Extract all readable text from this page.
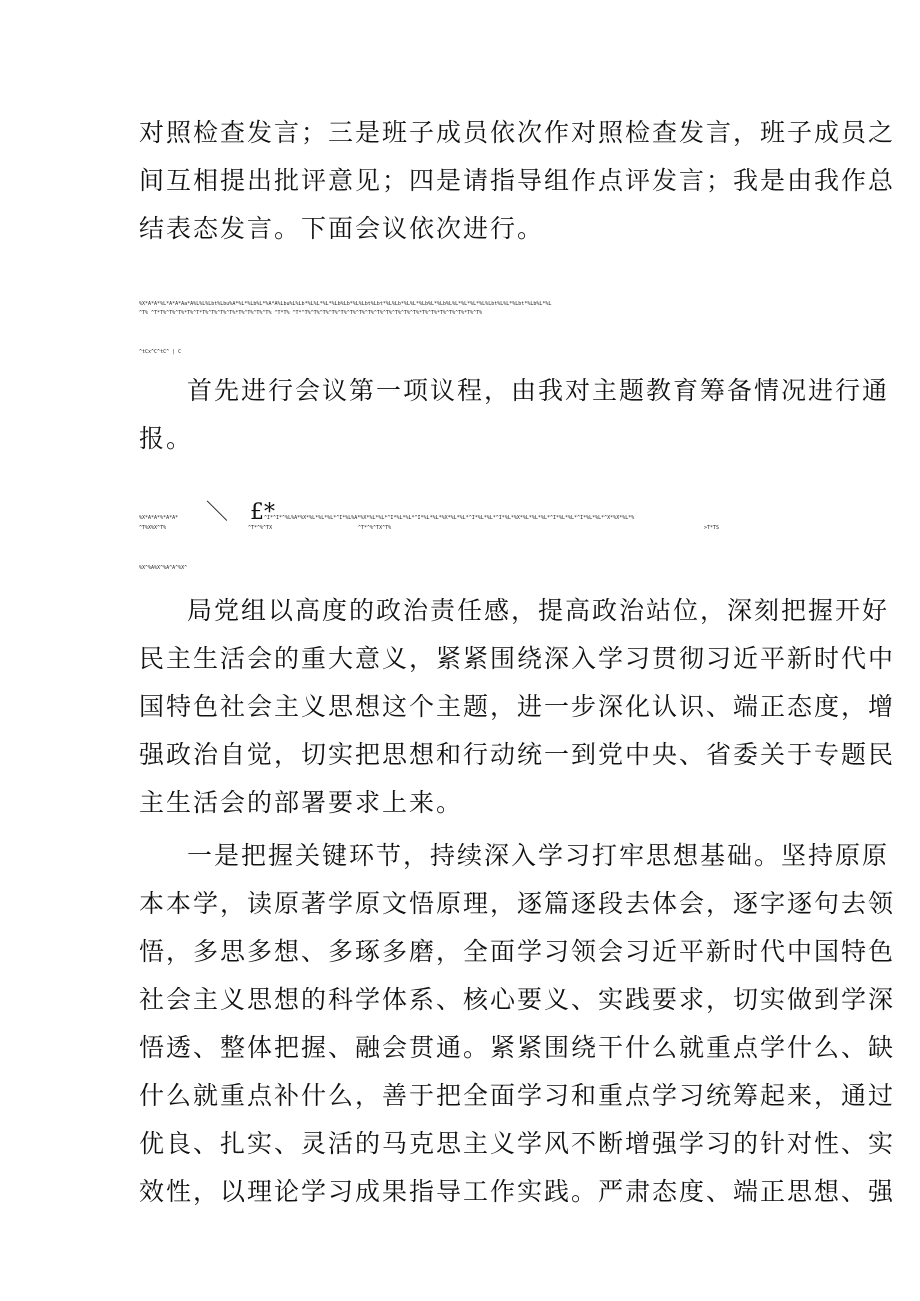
对照检查发言；三是班子成员依次作对照检查发言，班子成员之
间互相提出批评意见；四是请指导组作点评发言；我是由我作总
结表态发言。下面会议依次进行。
%X*A*A*%L*A*A*Aa*A%L%L%Lbt%Lbu%A*%L*%Lb%L*%A*A%Lbu%L%Lb*%L%L*%L*%Lb%Lb*%L%Lbt%Lbt*%L%Lb*%L%L*%Lb%L*%Lb%L%L*%L*%L*%L%Lbt%L%L*%Lbt*%Lb%L*%L
^T% ^T*T%^T%^T%*T%^T*T%^T%^T%^T%*T%^T%^T%^T% ^T*T% ^T*^T%^T%^T%^T%^T%^T%^T%^T%^T%^T%^T%^T%^T%*T%^T%*T%^T%^T%*T%^T%
^tCx^C^tC^ | C
首先进行会议第一项议程，由我对主题教育筹备情况进行通
报。
%X*A*A*%*A*A*	＼　£*
^I*^I*^%L%A*%X*%L*%L*%L*^I*%L%A*%X*%L*%L*^I*%L*%L*^I*%L*%L*%X*%L*%L*^I*%L*%L*^I*%L*%X*%L*%L*%L*^I*%L*%L*^I*%L*%L*^X*%X*%L*%
^T%X%X^T%	^T*^%^TX	^T*^%^TX^T%	>T*TS
%X^%A%X^%A^A^%X^
局党组以高度的政治责任感，提高政治站位，深刻把握开好
民主生活会的重大意义，紧紧围绕深入学习贯彻习近平新时代中
国特色社会主义思想这个主题，进一步深化认识、端正态度，增
强政治自觉，切实把思想和行动统一到党中央、省委关于专题民
主生活会的部署要求上来。
一是把握关键环节，持续深入学习打牢思想基础。坚持原原
本本学，读原著学原文悟原理，逐篇逐段去体会，逐字逐句去领
悟，多思多想、多琢多磨，全面学习领会习近平新时代中国特色
社会主义思想的科学体系、核心要义、实践要求，切实做到学深
悟透、整体把握、融会贯通。紧紧围绕干什么就重点学什么、缺
什么就重点补什么，善于把全面学习和重点学习统筹起来，通过
优良、扎实、灵活的马克思主义学风不断增强学习的针对性、实
效性，以理论学习成果指导工作实践。严肃态度、端正思想、强
